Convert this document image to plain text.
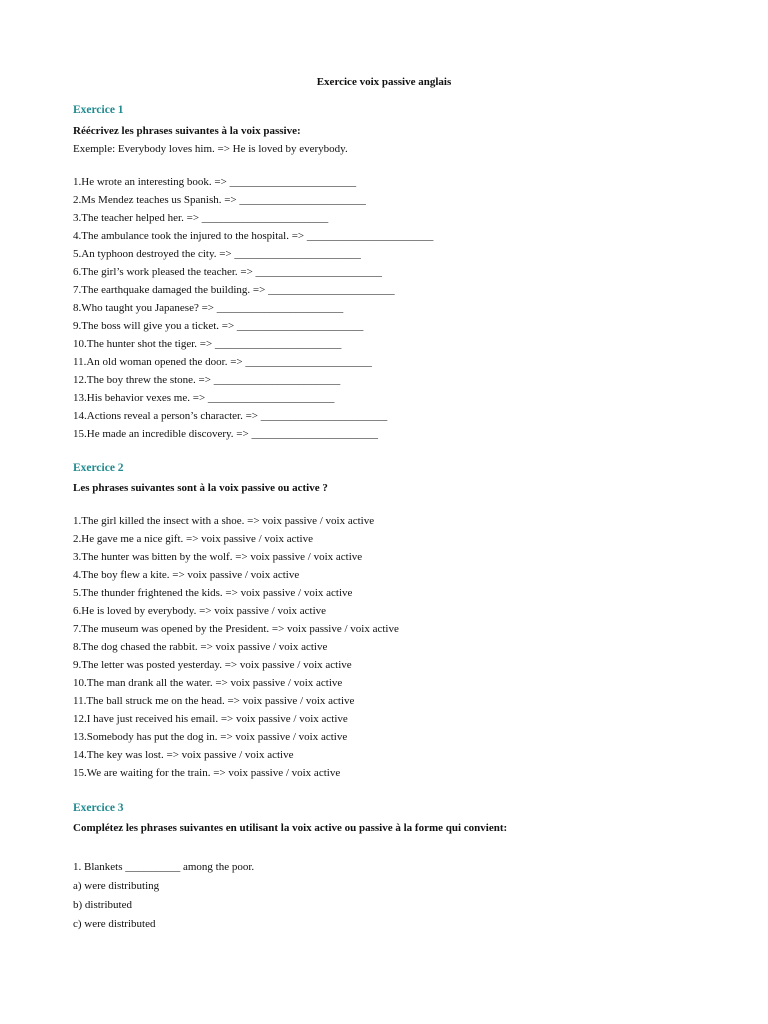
Exercice voix passive anglais
Exercice 1
Réécrivez les phrases suivantes à la voix passive:
Exemple: Everybody loves him. => He is loved by everybody.
1.He wrote an interesting book. => _______________________
2.Ms Mendez teaches us Spanish. => _______________________
3.The teacher helped her. => _______________________
4.The ambulance took the injured to the hospital. => _______________________
5.An typhoon destroyed the city. => _______________________
6.The girl’s work pleased the teacher. => _______________________
7.The earthquake damaged the building. => _______________________
8.Who taught you Japanese? => _______________________
9.The boss will give you a ticket. => _______________________
10.The hunter shot the tiger. => _______________________
11.An old woman opened the door. => _______________________
12.The boy threw the stone. => _______________________
13.His behavior vexes me. => _______________________
14.Actions reveal a person’s character. => _______________________
15.He made an incredible discovery. => _______________________
Exercice 2
Les phrases suivantes sont à la voix passive ou active ?
1.The girl killed the insect with a shoe. => voix passive / voix active
2.He gave me a nice gift. => voix passive / voix active
3.The hunter was bitten by the wolf. => voix passive / voix active
4.The boy flew a kite. => voix passive / voix active
5.The thunder frightened the kids. => voix passive / voix active
6.He is loved by everybody. => voix passive / voix active
7.The museum was opened by the President. => voix passive / voix active
8.The dog chased the rabbit. => voix passive / voix active
9.The letter was posted yesterday. => voix passive / voix active
10.The man drank all the water. => voix passive / voix active
11.The ball struck me on the head. => voix passive / voix active
12.I have just received his email. => voix passive / voix active
13.Somebody has put the dog in. => voix passive / voix active
14.The key was lost. => voix passive / voix active
15.We are waiting for the train. => voix passive / voix active
Exercice 3
Complétez les phrases suivantes en utilisant la voix active ou passive à la forme qui convient:
1. Blankets __________ among the poor.
a) were distributing
b) distributed
c) were distributed
